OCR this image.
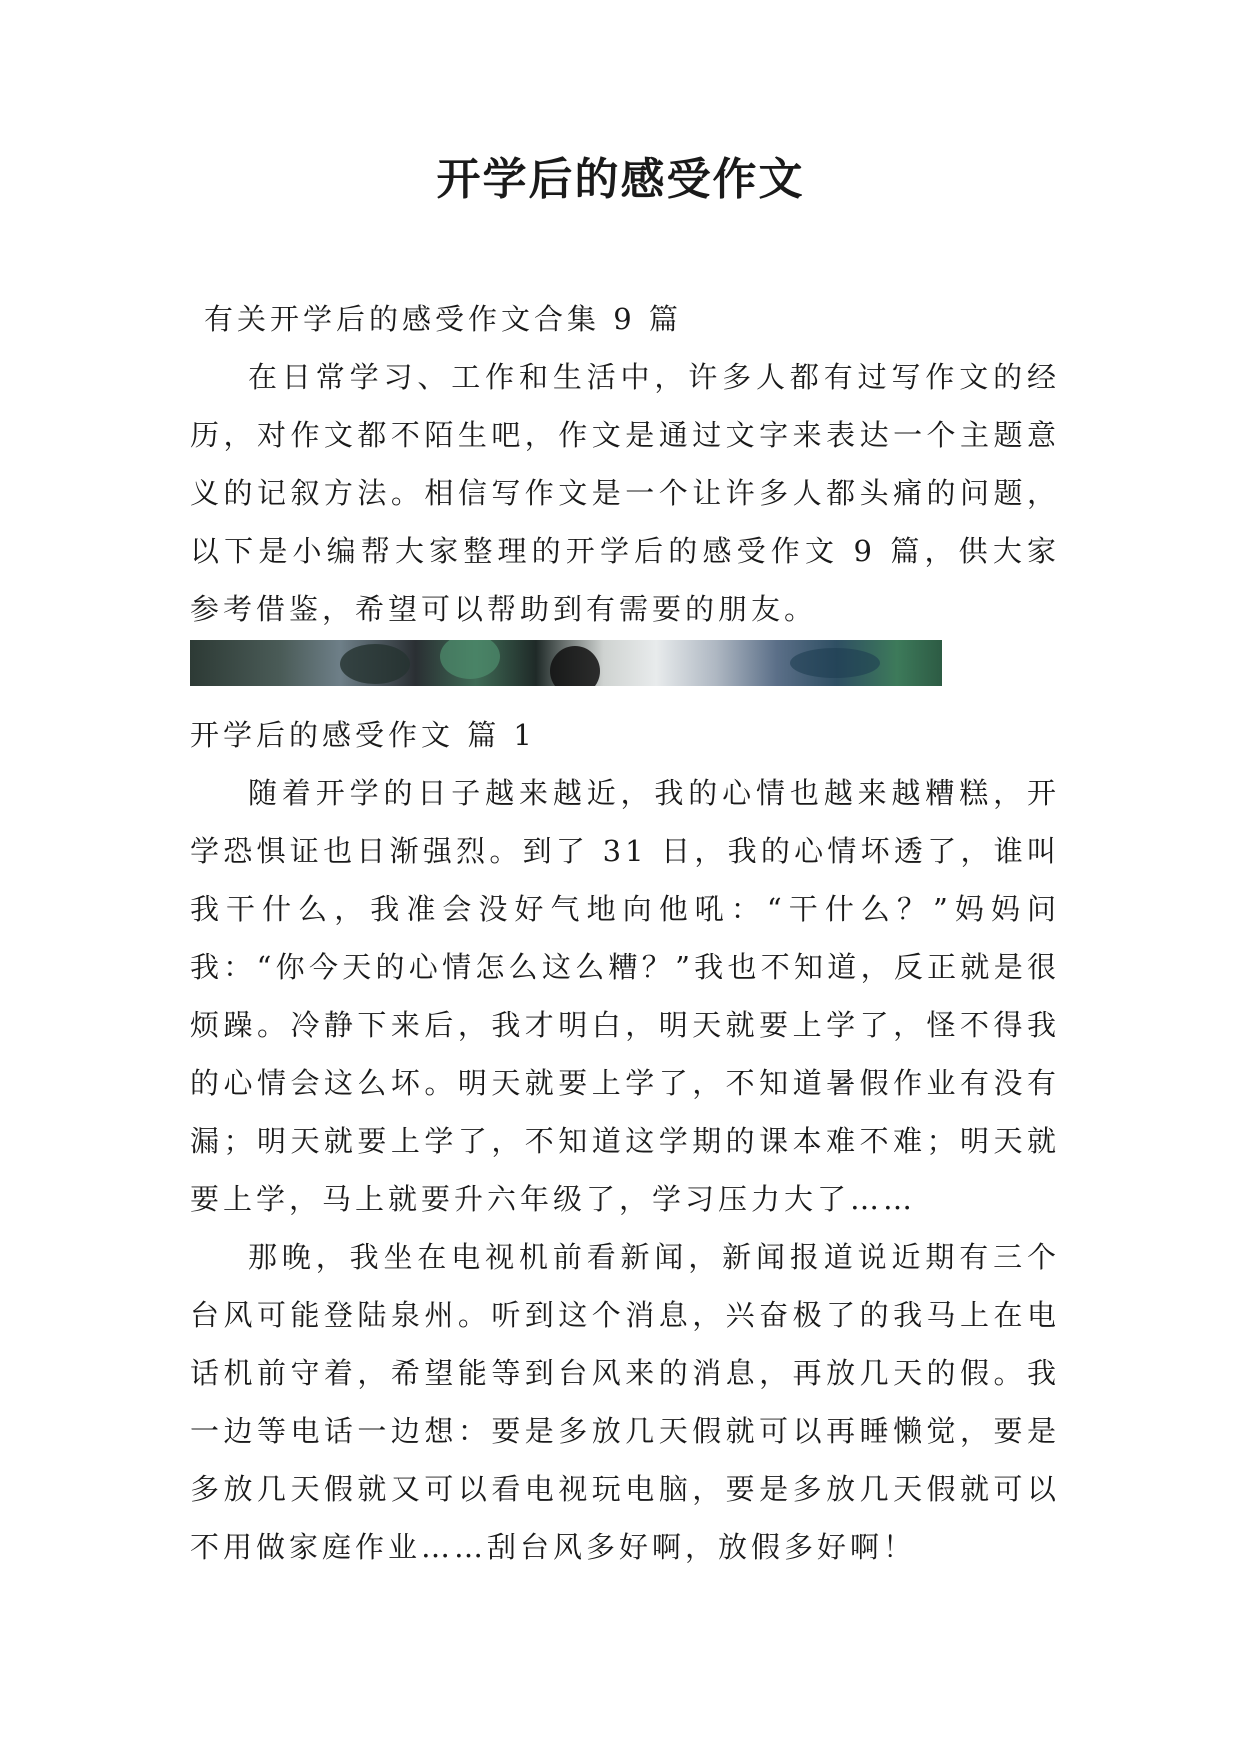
开学后的感受作文

有关开学后的感受作文合集 9 篇

在日常学习、工作和生活中，许多人都有过写作文的经历，对作文都不陌生吧，作文是通过文字来表达一个主题意义的记叙方法。相信写作文是一个让许多人都头痛的问题，以下是小编帮大家整理的开学后的感受作文 9 篇，供大家参考借鉴，希望可以帮助到有需要的朋友。

开学后的感受作文 篇 1

随着开学的日子越来越近，我的心情也越来越糟糕，开学恐惧证也日渐强烈。到了 31 日，我的心情坏透了，谁叫我干什么，我准会没好气地向他吼：“干什么？”妈妈问我：“你今天的心情怎么这么糟？”我也不知道，反正就是很烦躁。冷静下来后，我才明白，明天就要上学了，怪不得我的心情会这么坏。明天就要上学了，不知道暑假作业有没有漏；明天就要上学了，不知道这学期的课本难不难；明天就要上学，马上就要升六年级了，学习压力大了……

那晚，我坐在电视机前看新闻，新闻报道说近期有三个台风可能登陆泉州。听到这个消息，兴奋极了的我马上在电话机前守着，希望能等到台风来的消息，再放几天的假。我一边等电话一边想：要是多放几天假就可以再睡懒觉，要是多放几天假就又可以看电视玩电脑，要是多放几天假就可以不用做家庭作业……刮台风多好啊，放假多好啊！
